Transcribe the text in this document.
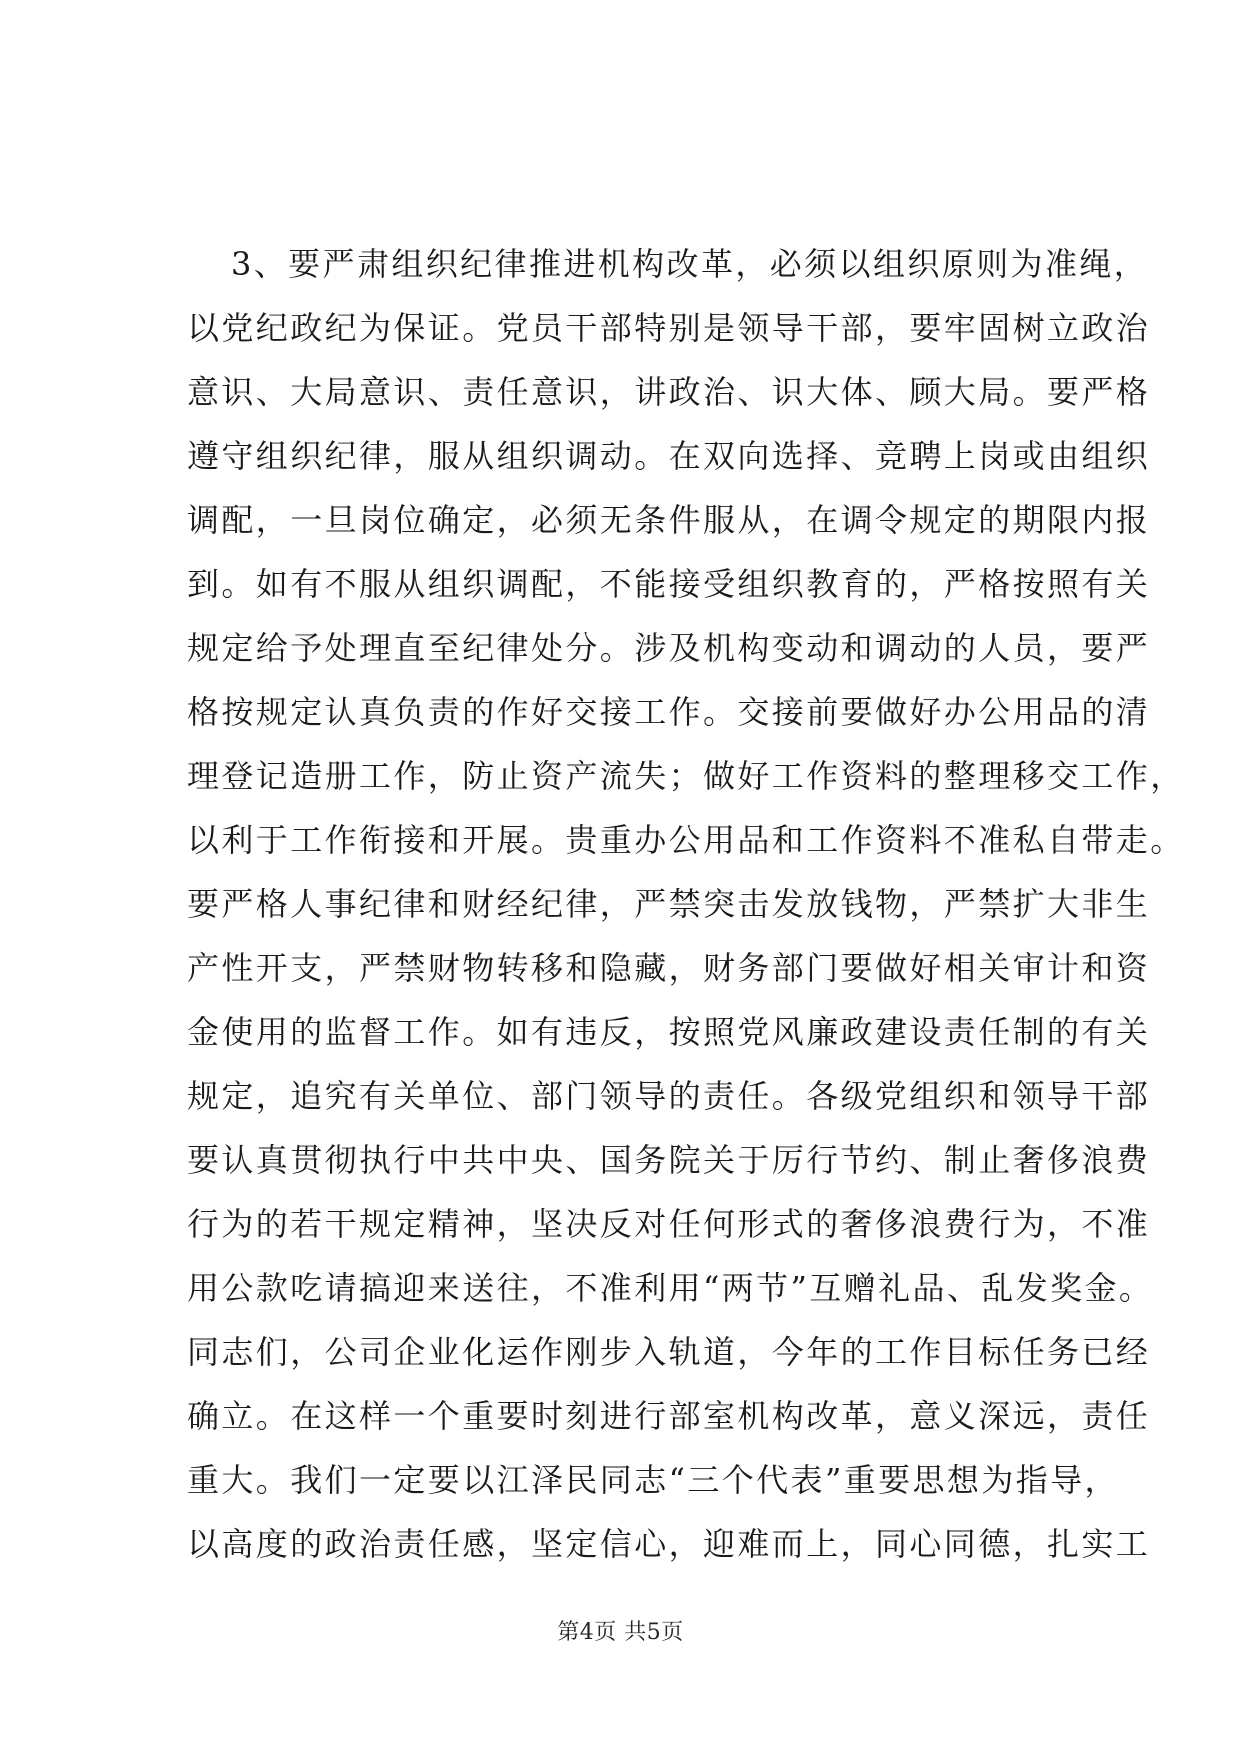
3、要严肃组织纪律推进机构改革，必须以组织原则为准绳，
以党纪政纪为保证。党员干部特别是领导干部，要牢固树立政治
意识、大局意识、责任意识，讲政治、识大体、顾大局。要严格
遵守组织纪律，服从组织调动。在双向选择、竞聘上岗或由组织
调配，一旦岗位确定，必须无条件服从，在调令规定的期限内报
到。如有不服从组织调配，不能接受组织教育的，严格按照有关
规定给予处理直至纪律处分。涉及机构变动和调动的人员，要严
格按规定认真负责的作好交接工作。交接前要做好办公用品的清
理登记造册工作，防止资产流失；做好工作资料的整理移交工作，
以利于工作衔接和开展。贵重办公用品和工作资料不准私自带走。
要严格人事纪律和财经纪律，严禁突击发放钱物，严禁扩大非生
产性开支，严禁财物转移和隐藏，财务部门要做好相关审计和资
金使用的监督工作。如有违反，按照党风廉政建设责任制的有关
规定，追究有关单位、部门领导的责任。各级党组织和领导干部
要认真贯彻执行中共中央、国务院关于厉行节约、制止奢侈浪费
行为的若干规定精神，坚决反对任何形式的奢侈浪费行为，不准
用公款吃请搞迎来送往，不准利用“两节”互赠礼品、乱发奖金。
同志们，公司企业化运作刚步入轨道，今年的工作目标任务已经
确立。在这样一个重要时刻进行部室机构改革，意义深远，责任
重大。我们一定要以江泽民同志“三个代表”重要思想为指导，
以高度的政治责任感，坚定信心，迎难而上，同心同德，扎实工
第4页 共5页
